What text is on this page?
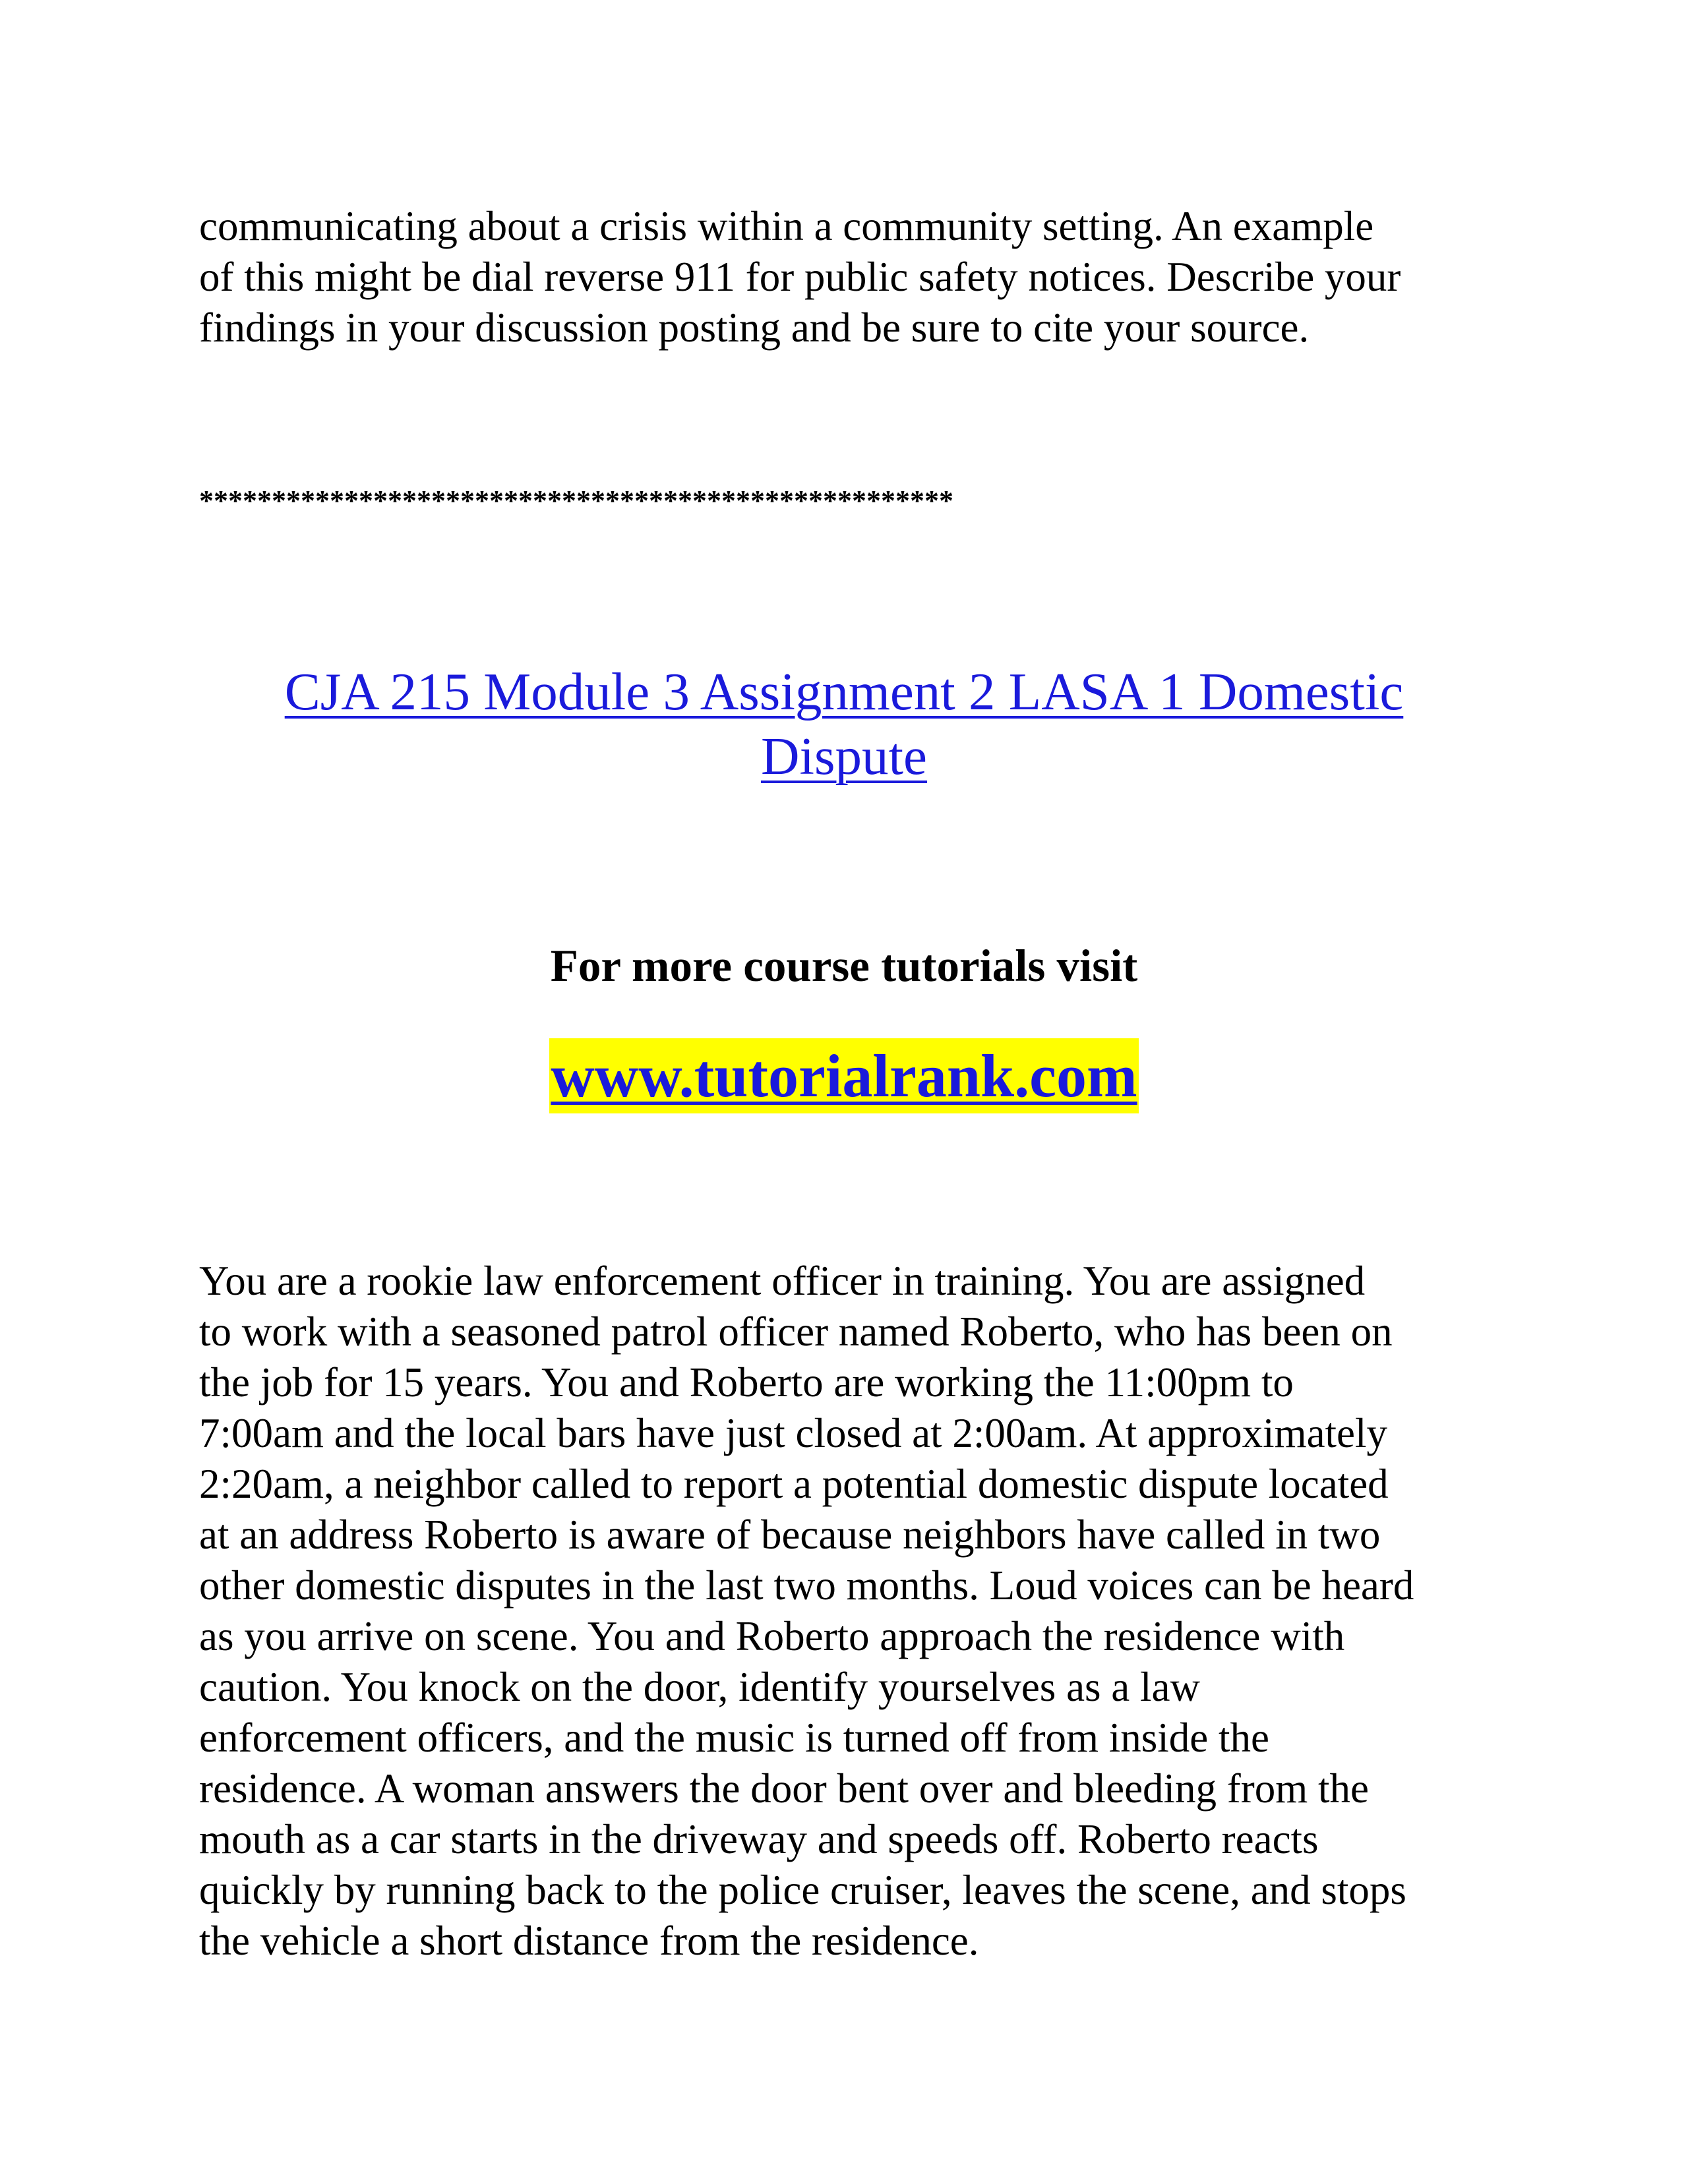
communicating about a crisis within a community setting. An example
of this might be dial reverse 911 for public safety notices. Describe your
findings in your discussion posting and be sure to cite your source.

****************************************************
CJA 215 Module 3 Assignment 2 LASA 1 Domestic
Dispute

For more course tutorials visit

www.tutorialrank.com

You are a rookie law enforcement officer in training. You are assigned
to work with a seasoned patrol officer named Roberto, who has been on
the job for 15 years. You and Roberto are working the 11:00pm to
7:00am and the local bars have just closed at 2:00am. At approximately
2:20am, a neighbor called to report a potential domestic dispute located
at an address Roberto is aware of because neighbors have called in two
other domestic disputes in the last two months. Loud voices can be heard
as you arrive on scene. You and Roberto approach the residence with
caution. You knock on the door, identify yourselves as a law
enforcement officers, and the music is turned off from inside the
residence. A woman answers the door bent over and bleeding from the
mouth as a car starts in the driveway and speeds off. Roberto reacts
quickly by running back to the police cruiser, leaves the scene, and stops
the vehicle a short distance from the residence.
